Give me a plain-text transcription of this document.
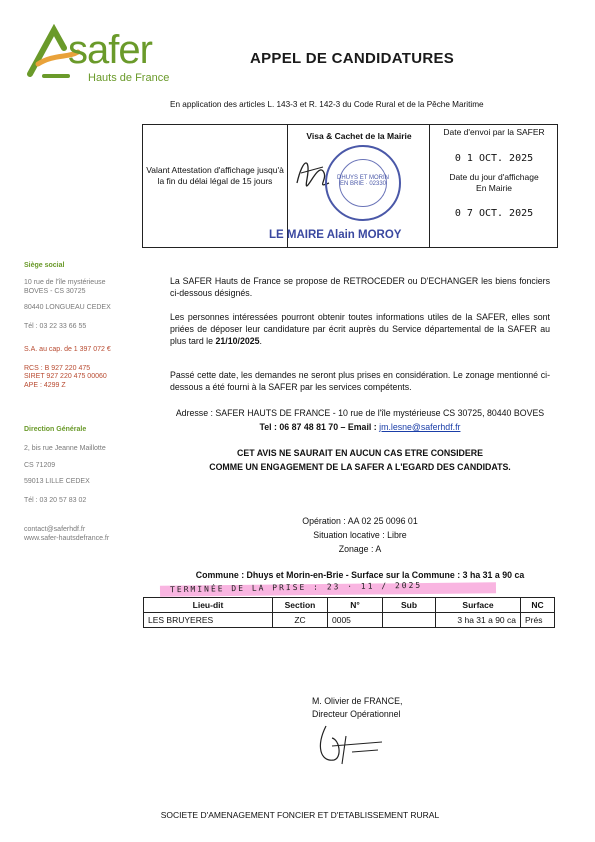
safer
Hauts de France
APPEL DE CANDIDATURES
En application des articles L. 143-3 et R. 142-3 du Code Rural et de la Pêche Maritime
Valant Attestation d'affichage jusqu'à la fin du délai légal de 15 jours
Visa & Cachet de la Mairie
DHUYS ET MORIN EN BRIE · 02330
LE MAIRE Alain MOROY
Date d'envoi par la SAFER
0 1 OCT. 2025
Date du jour d'affichage En Mairie
0 7 OCT. 2025
Siège social
10 rue de l'île mystérieuse
BOVES - CS 30725
80440 LONGUEAU CEDEX
Tél : 03 22 33 66 55
S.A. au cap. de 1 397 072 €
RCS : B 927 220 475
SIRET 927 220 475 00060
APE : 4299 Z
Direction Générale
2, bis rue Jeanne Maillotte
CS 71209
59013 LILLE CEDEX
Tél : 03 20 57 83 02
contact@saferhdf.fr
www.safer-hautsdefrance.fr
La SAFER Hauts de France se propose de RETROCEDER ou D'ECHANGER les biens fonciers ci-dessous désignés.
Les personnes intéressées pourront obtenir toutes informations utiles de la SAFER, elles sont priées de déposer leur candidature par écrit auprès du Service départemental de la SAFER au plus tard le 21/10/2025.
Passé cette date, les demandes ne seront plus prises en considération. Le zonage mentionné ci-dessous a été fourni à la SAFER par les services compétents.
Adresse : SAFER HAUTS DE FRANCE - 10 rue de l'île mystérieuse CS 30725, 80440 BOVES
Tel : 06 87 48 81 70 – Email : jm.lesne@saferhdf.fr
CET AVIS NE SAURAIT EN AUCUN CAS ETRE CONSIDERE
COMME UN ENGAGEMENT DE LA SAFER A L'EGARD DES CANDIDATS.
Opération : AA 02 25 0096 01
Situation locative : Libre
Zonage : A
Commune : Dhuys et Morin-en-Brie - Surface sur la Commune : 3 ha 31 a 90 ca
TERMINÉE DE LA PRISE : 23 · 11 / 2025
Lieu-dit	Section	N°	Sub	Surface	NC
LES BRUYERES	ZC	0005		3 ha 31 a 90 ca	Prés
M. Olivier de FRANCE,
Directeur Opérationnel
SOCIETE D'AMENAGEMENT FONCIER ET D'ETABLISSEMENT RURAL
